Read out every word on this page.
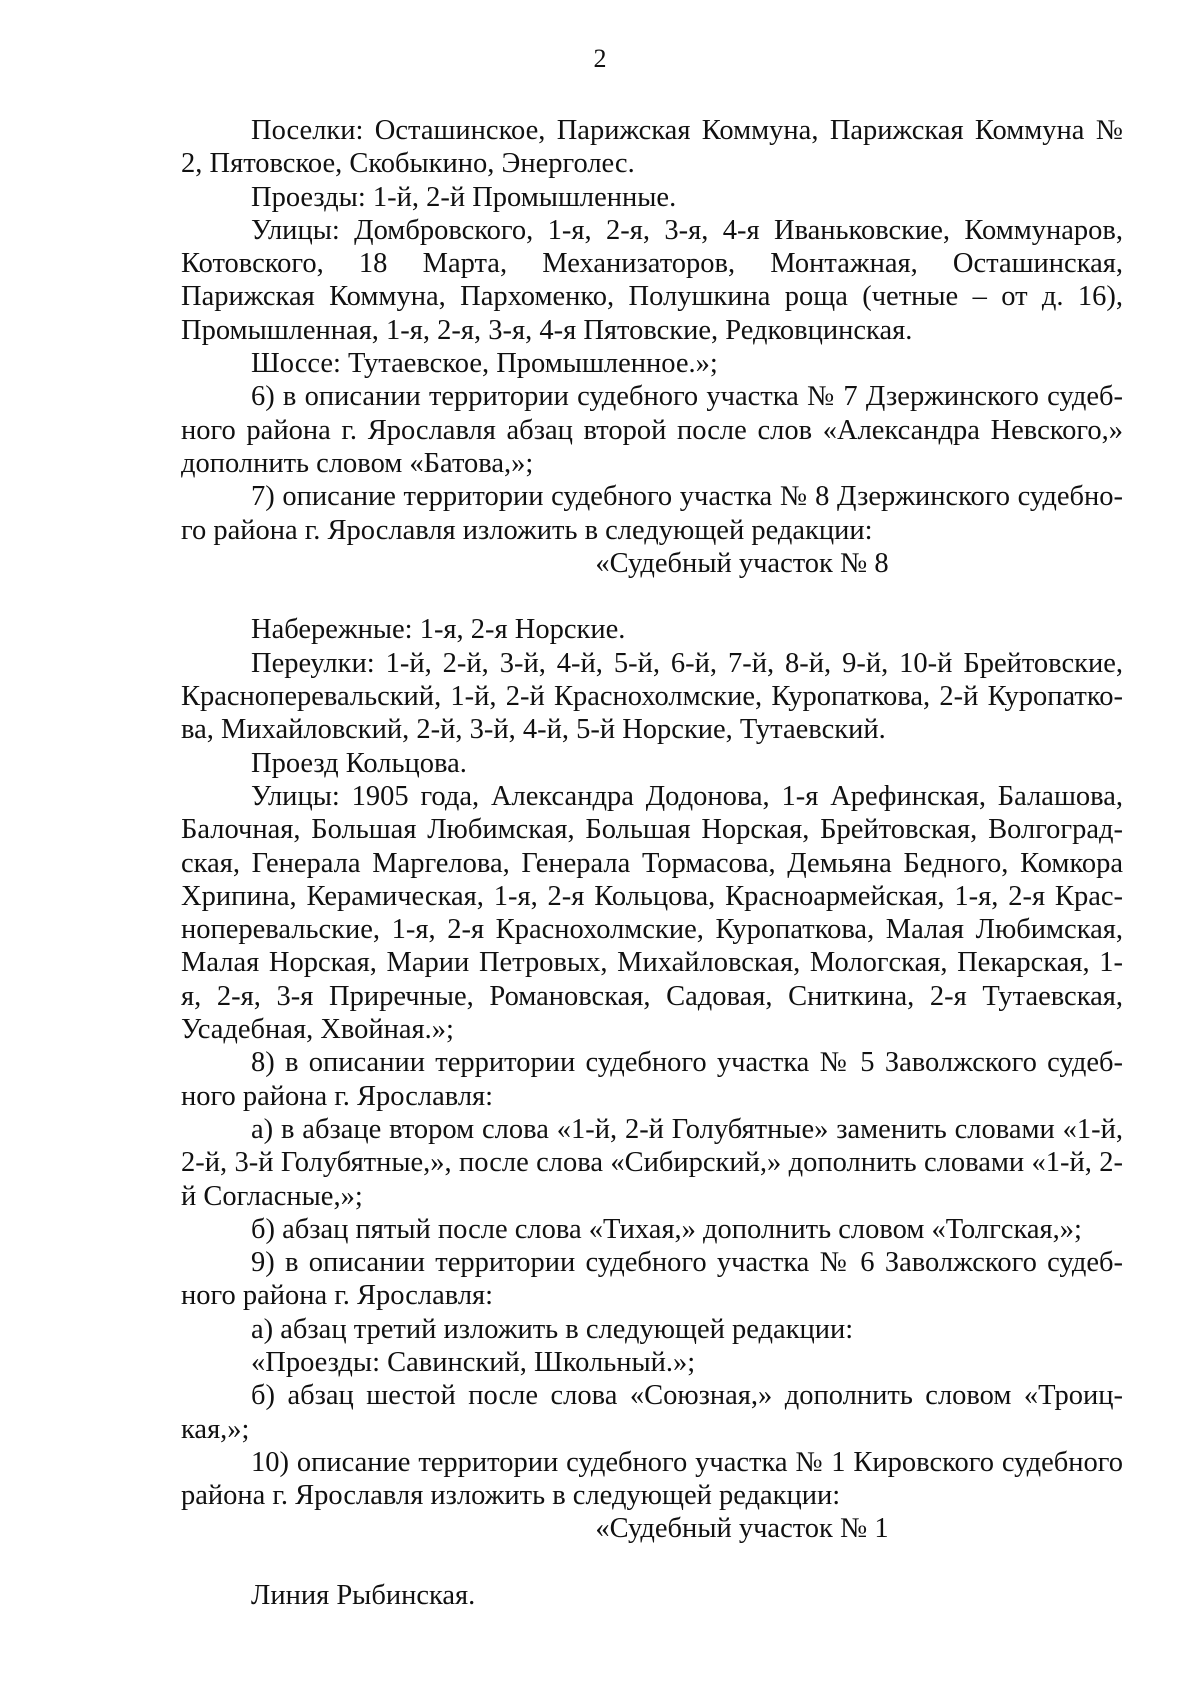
2

Поселки: Осташинское, Парижская Коммуна, Парижская Коммуна № 2, Пятовское, Скобыкино, Энерголес.

Проезды: 1-й, 2-й Промышленные.

Улицы: Домбровского, 1-я, 2-я, 3-я, 4-я Иваньковские, Коммунаров, Котовского, 18 Марта, Механизаторов, Монтажная, Осташинская, Парижская Коммуна, Пархоменко, Полушкина роща (четные – от д. 16), Промышленная, 1-я, 2-я, 3-я, 4-я Пятовские, Редковцинская.

Шоссе: Тутаевское, Промышленное.»;

6) в описании территории судебного участка № 7 Дзержинского судебного района г. Ярославля абзац второй после слов «Александра Невского,» дополнить словом «Батова,»;

7) описание территории судебного участка № 8 Дзержинского судебного района г. Ярославля изложить в следующей редакции:

«Судебный участок № 8

Набережные: 1-я, 2-я Норские.

Переулки: 1-й, 2-й, 3-й, 4-й, 5-й, 6-й, 7-й, 8-й, 9-й, 10-й Брейтовские, Красноперевальский, 1-й, 2-й Краснохолмские, Куропаткова, 2-й Куропаткова, Михайловский, 2-й, 3-й, 4-й, 5-й Норские, Тутаевский.

Проезд Кольцова.

Улицы: 1905 года, Александра Додонова, 1-я Арефинская, Балашова, Балочная, Большая Любимская, Большая Норская, Брейтовская, Волгоградская, Генерала Маргелова, Генерала Тормасова, Демьяна Бедного, Комкора Хрипина, Керамическая, 1-я, 2-я Кольцова, Красноармейская, 1-я, 2-я Красноперевальские, 1-я, 2-я Краснохолмские, Куропаткова, Малая Любимская, Малая Норская, Марии Петровых, Михайловская, Мологская, Пекарская, 1-я, 2-я, 3-я Приречные, Романовская, Садовая, Сниткина, 2-я Тутаевская, Усадебная, Хвойная.»;

8) в описании территории судебного участка № 5 Заволжского судебного района г. Ярославля:

а) в абзаце втором слова «1-й, 2-й Голубятные» заменить словами «1-й, 2-й, 3-й Голубятные,», после слова «Сибирский,» дополнить словами «1-й, 2-й Согласные,»;

б) абзац пятый после слова «Тихая,» дополнить словом «Толгская,»;

9) в описании территории судебного участка № 6 Заволжского судебного района г. Ярославля:

а) абзац третий изложить в следующей редакции:

«Проезды: Савинский, Школьный.»;

б) абзац шестой после слова «Союзная,» дополнить словом «Троицкая,»;

10) описание территории судебного участка № 1 Кировского судебного района г. Ярославля изложить в следующей редакции:

«Судебный участок № 1

Линия Рыбинская.
